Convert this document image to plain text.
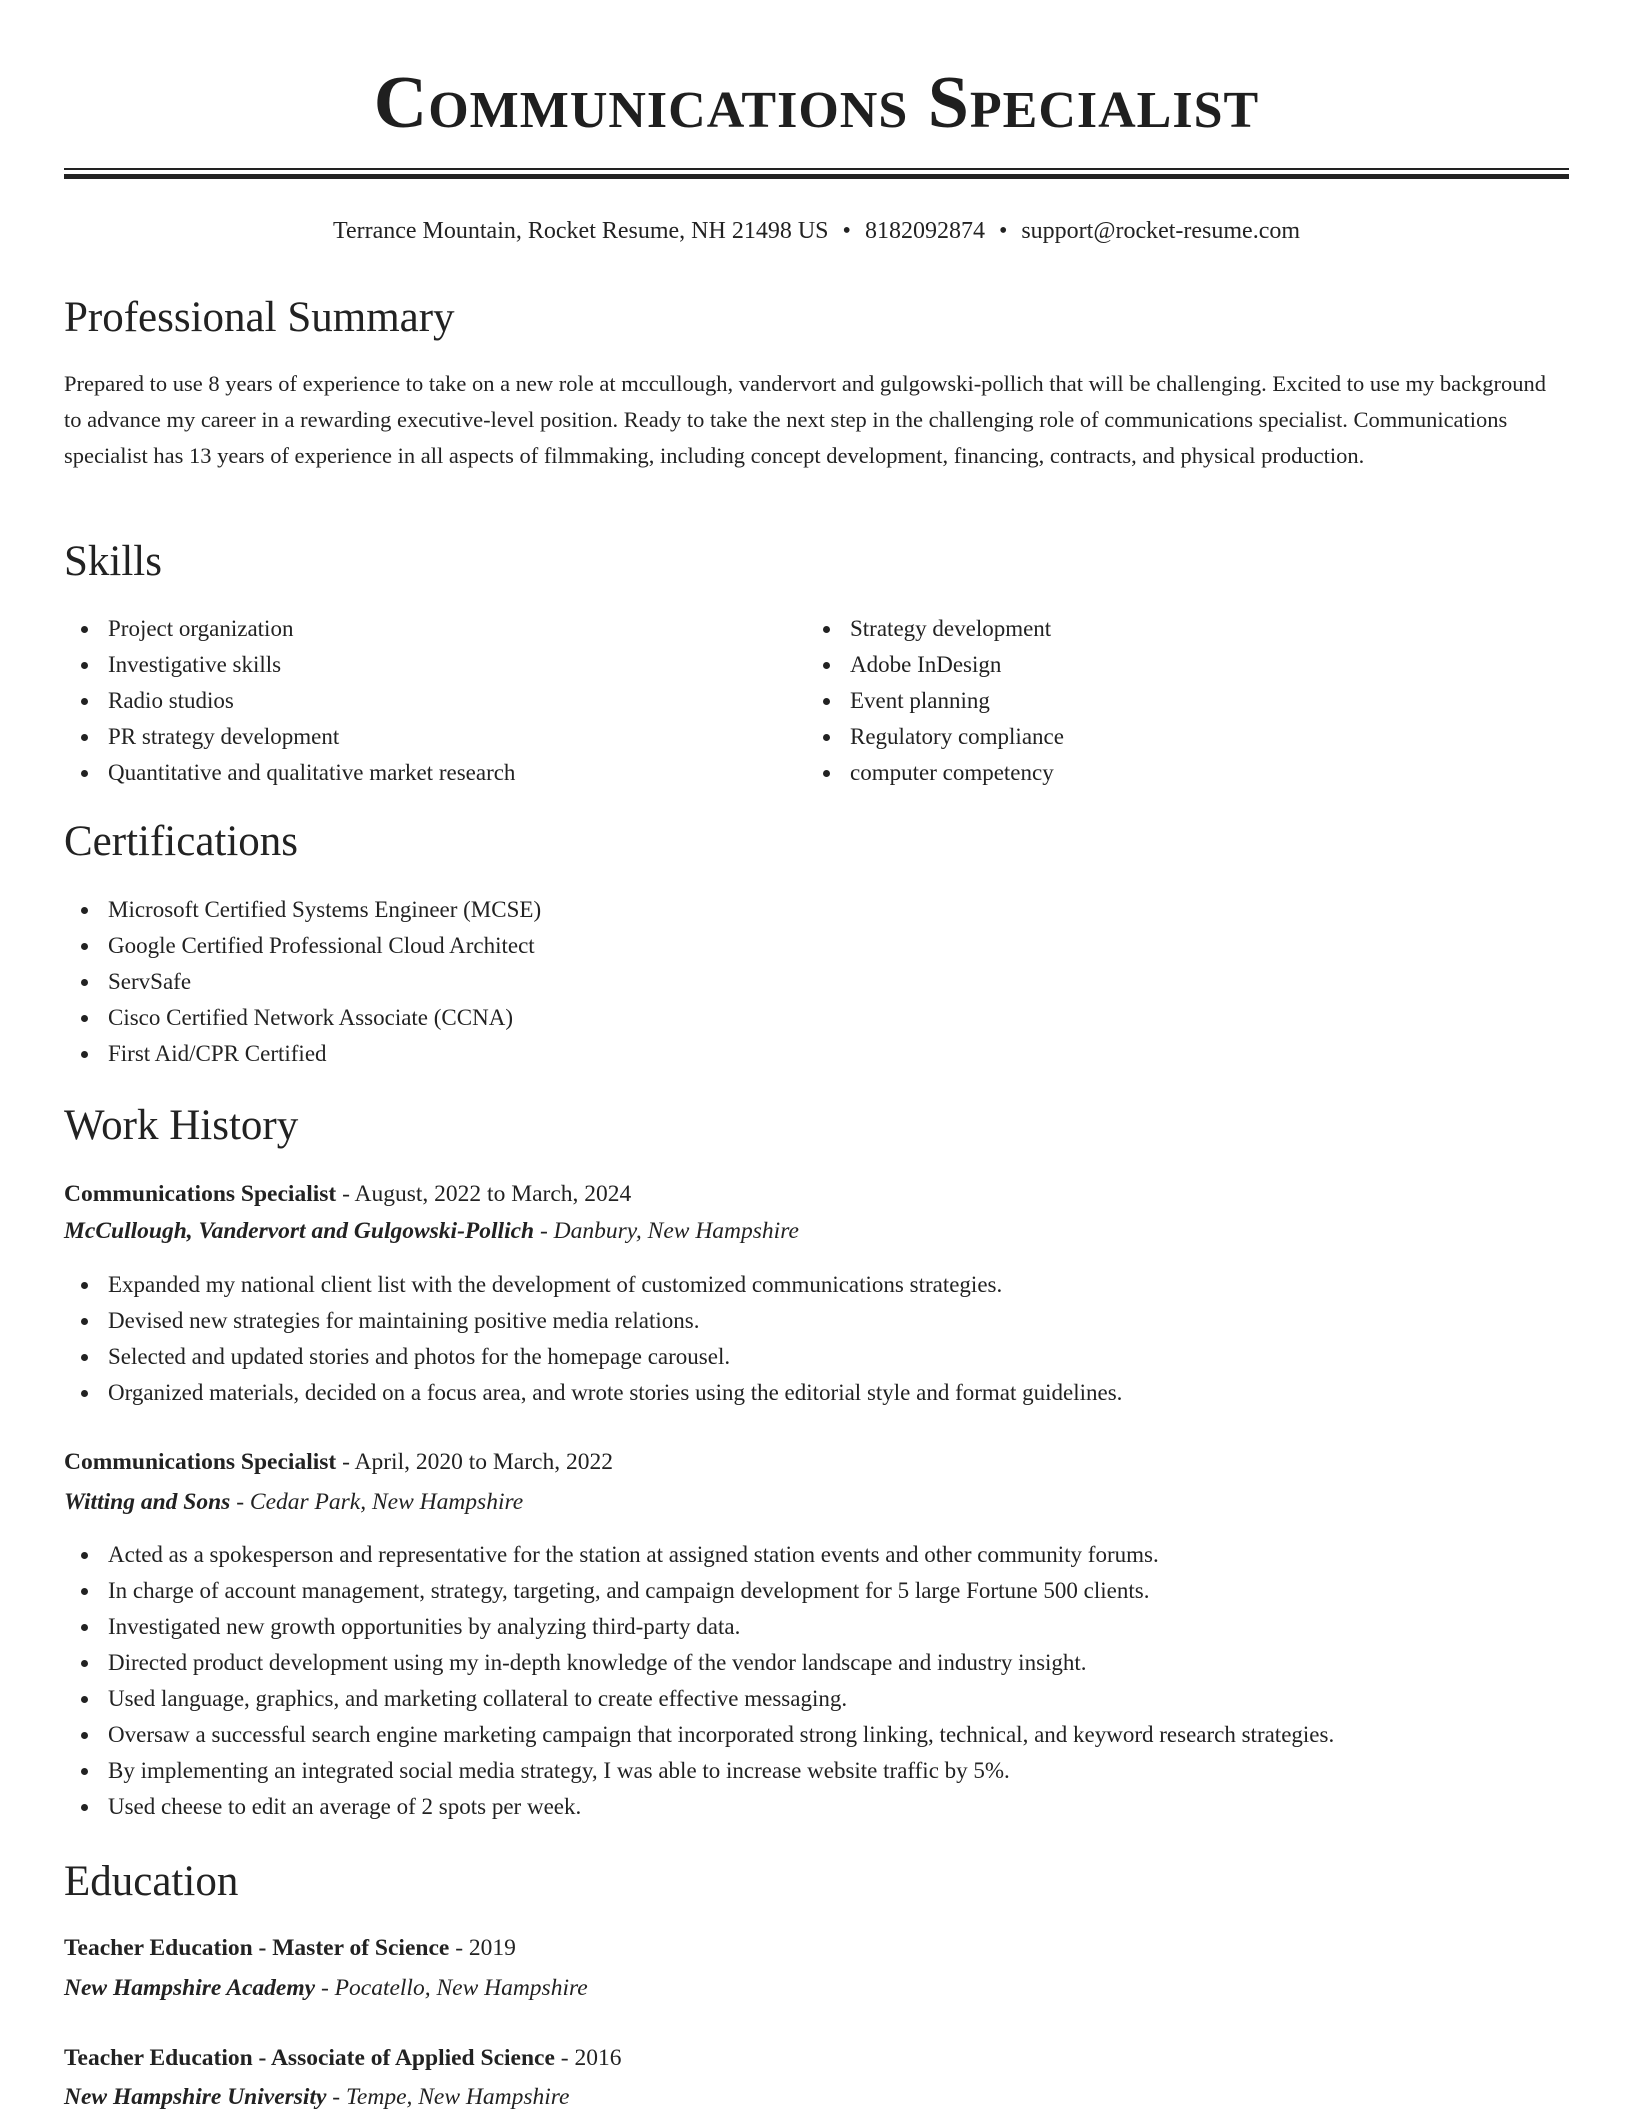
Communications Specialist
Terrance Mountain, Rocket Resume, NH 21498 US • 8182092874 • support@rocket-resume.com
Professional Summary
Prepared to use 8 years of experience to take on a new role at mccullough, vandervort and gulgowski-pollich that will be challenging. Excited to use my background to advance my career in a rewarding executive-level position. Ready to take the next step in the challenging role of communications specialist. Communications specialist has 13 years of experience in all aspects of filmmaking, including concept development, financing, contracts, and physical production.
Skills
Project organization
Investigative skills
Radio studios
PR strategy development
Quantitative and qualitative market research
Strategy development
Adobe InDesign
Event planning
Regulatory compliance
computer competency
Certifications
Microsoft Certified Systems Engineer (MCSE)
Google Certified Professional Cloud Architect
ServSafe
Cisco Certified Network Associate (CCNA)
First Aid/CPR Certified
Work History
Communications Specialist - August, 2022 to March, 2024
McCullough, Vandervort and Gulgowski-Pollich - Danbury, New Hampshire
Expanded my national client list with the development of customized communications strategies.
Devised new strategies for maintaining positive media relations.
Selected and updated stories and photos for the homepage carousel.
Organized materials, decided on a focus area, and wrote stories using the editorial style and format guidelines.
Communications Specialist - April, 2020 to March, 2022
Witting and Sons - Cedar Park, New Hampshire
Acted as a spokesperson and representative for the station at assigned station events and other community forums.
In charge of account management, strategy, targeting, and campaign development for 5 large Fortune 500 clients.
Investigated new growth opportunities by analyzing third-party data.
Directed product development using my in-depth knowledge of the vendor landscape and industry insight.
Used language, graphics, and marketing collateral to create effective messaging.
Oversaw a successful search engine marketing campaign that incorporated strong linking, technical, and keyword research strategies.
By implementing an integrated social media strategy, I was able to increase website traffic by 5%.
Used cheese to edit an average of 2 spots per week.
Education
Teacher Education - Master of Science - 2019
New Hampshire Academy - Pocatello, New Hampshire
Teacher Education - Associate of Applied Science - 2016
New Hampshire University - Tempe, New Hampshire
